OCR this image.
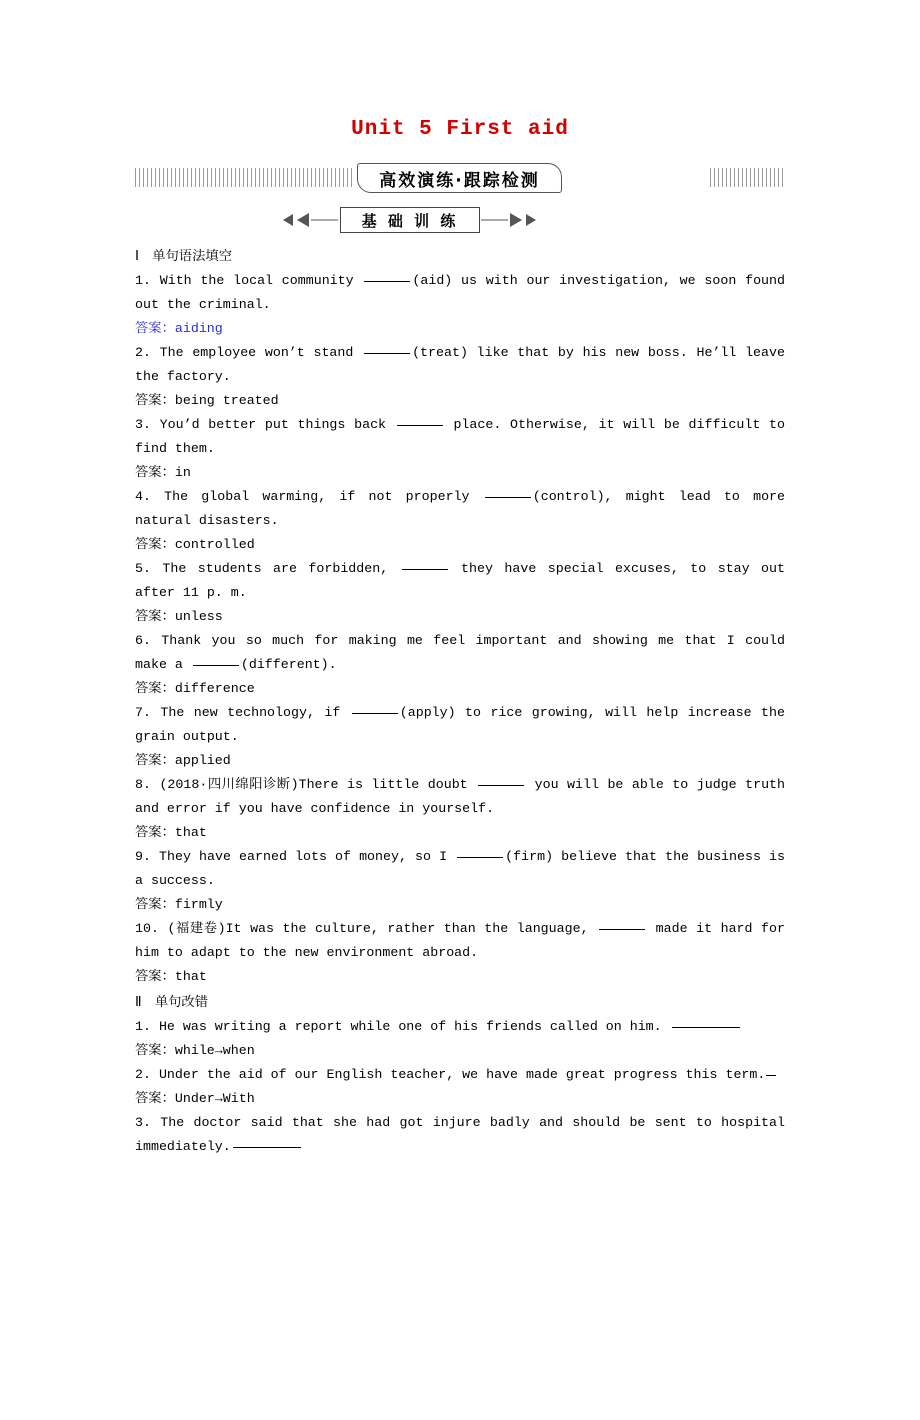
Unit 5 First aid
高效演练·跟踪检测
基 础 训 练
Ⅰ　单句语法填空
1. With the local community	(aid) us with our investigation, we soon found out the criminal.
答案：aiding
2. The employee won’t stand	(treat) like that by his new boss. He’ll leave the factory.
答案：being treated
3. You’d better put things back	place. Otherwise, it will be difficult to find them.
答案：in
4. The global warming, if not properly	(control), might lead to more natural disasters.
答案：controlled
5. The students are forbidden,	they have special excuses, to stay out after 11 p. m.
答案：unless
6. Thank you so much for making me feel important and showing me that I could make a	(different).
答案：difference
7. The new technology, if	(apply) to rice growing, will help increase the grain output.
答案：applied
8. (2018·四川绵阳诊断)There is little doubt	you will be able to judge truth and error if you have confidence in yourself.
答案：that
9. They have earned lots of money, so I	(firm) believe that the business is a success.
答案：firmly
10. (福建卷)It was the culture, rather than the language,	made it hard for him to adapt to the new environment abroad.
答案：that
Ⅱ　单句改错
1. He was writing a report while one of his friends called on him.
答案：while→when
2. Under the aid of our English teacher, we have made great progress this term.
答案：Under→With
3. The doctor said that she had got injure badly and should be sent to hospital immediately.
